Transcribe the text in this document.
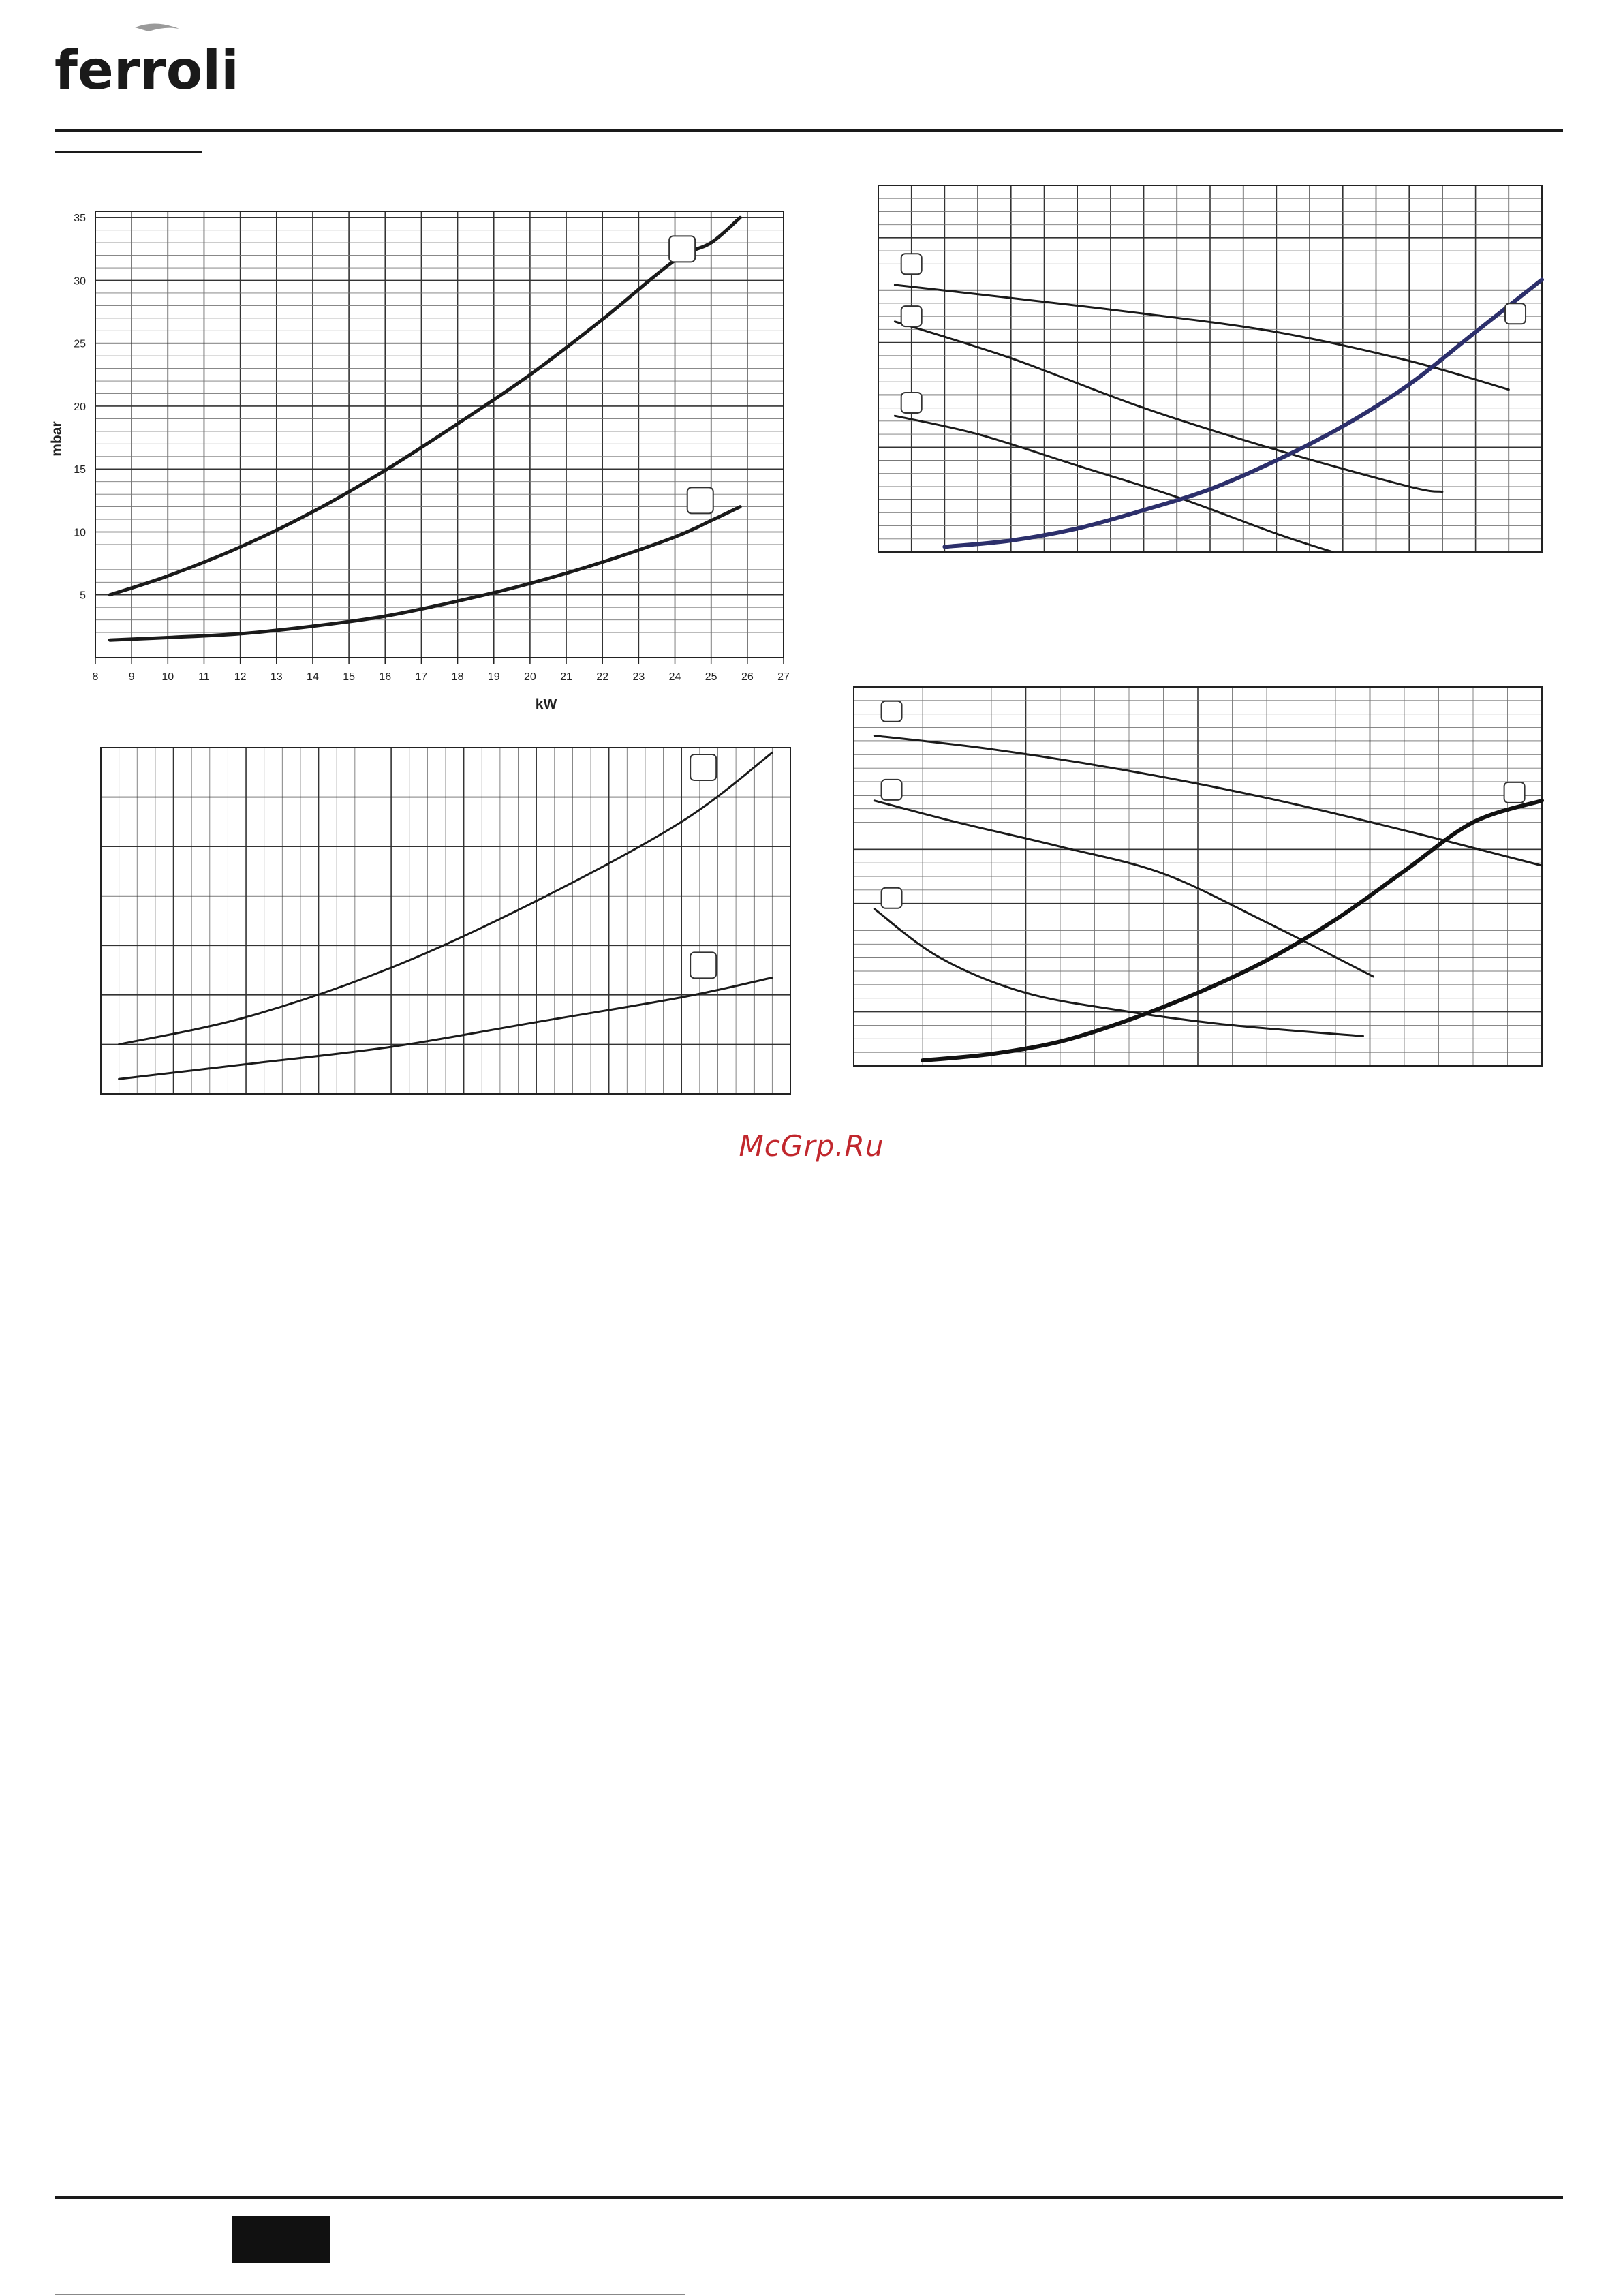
ferroli
8	9 10 11 12 13 14 15 16 17 18 19 20 21 22 23 24 25 26 27
5
10
15
20
25
30
35
kW
mbar
McGrp.Ru
